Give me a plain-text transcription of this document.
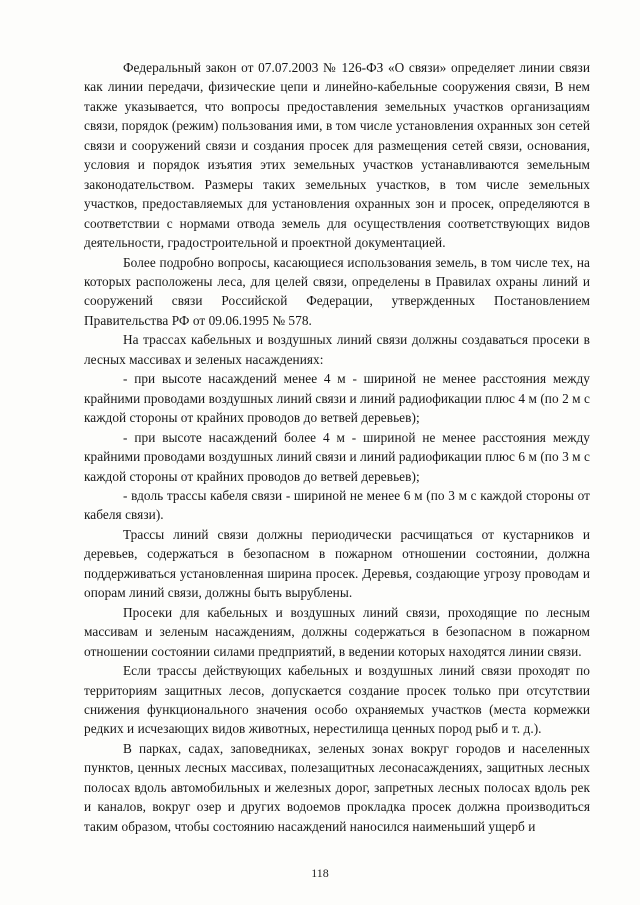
Федеральный закон от 07.07.2003 № 126-ФЗ «О связи» определяет линии связи как линии передачи, физические цепи и линейно-кабельные сооружения связи, В нем также указывается, что вопросы предоставления земельных участков организациям связи, порядок (режим) пользования ими, в том числе установления охранных зон сетей связи и сооружений связи и создания просек для размещения сетей связи, основания, условия и порядок изъятия этих земельных участков устанавливаются земельным законодательством. Размеры таких земельных участков, в том числе земельных участков, предоставляемых для установления охранных зон и просек, определяются в соответствии с нормами отвода земель для осуществления соответствующих видов деятельности, градостроительной и проектной документацией.

Более подробно вопросы, касающиеся использования земель, в том числе тех, на которых расположены леса, для целей связи, определены в Правилах охраны линий и сооружений связи Российской Федерации, утвержденных Постановлением Правительства РФ от 09.06.1995 № 578.

На трассах кабельных и воздушных линий связи должны создаваться просеки в лесных массивах и зеленых насаждениях:

- при высоте насаждений менее 4 м - шириной не менее расстояния между крайними проводами воздушных линий связи и линий радиофикации плюс 4 м (по 2 м с каждой стороны от крайних проводов до ветвей деревьев);

- при высоте насаждений более 4 м - шириной не менее расстояния между крайними проводами воздушных линий связи и линий радиофикации плюс 6 м (по 3 м с каждой стороны от крайних проводов до ветвей деревьев);

- вдоль трассы кабеля связи - шириной не менее 6 м (по 3 м с каждой стороны от кабеля связи).

Трассы линий связи должны периодически расчищаться от кустарников и деревьев, содержаться в безопасном в пожарном отношении состоянии, должна поддерживаться установленная ширина просек. Деревья, создающие угрозу проводам и опорам линий связи, должны быть вырублены.

Просеки для кабельных и воздушных линий связи, проходящие по лесным массивам и зеленым насаждениям, должны содержаться в безопасном в пожарном отношении состоянии силами предприятий, в ведении которых находятся линии связи.

Если трассы действующих кабельных и воздушных линий связи проходят по территориям защитных лесов, допускается создание просек только при отсутствии снижения функционального значения особо охраняемых участков (места кормежки редких и исчезающих видов животных, нерестилища ценных пород рыб и т. д.).

В парках, садах, заповедниках, зеленых зонах вокруг городов и населенных пунктов, ценных лесных массивах, полезащитных лесонасаждениях, защитных лесных полосах вдоль автомобильных и железных дорог, запретных лесных полосах вдоль рек и каналов, вокруг озер и других водоемов прокладка просек должна производиться таким образом, чтобы состоянию насаждений наносился наименьший ущерб и

118
